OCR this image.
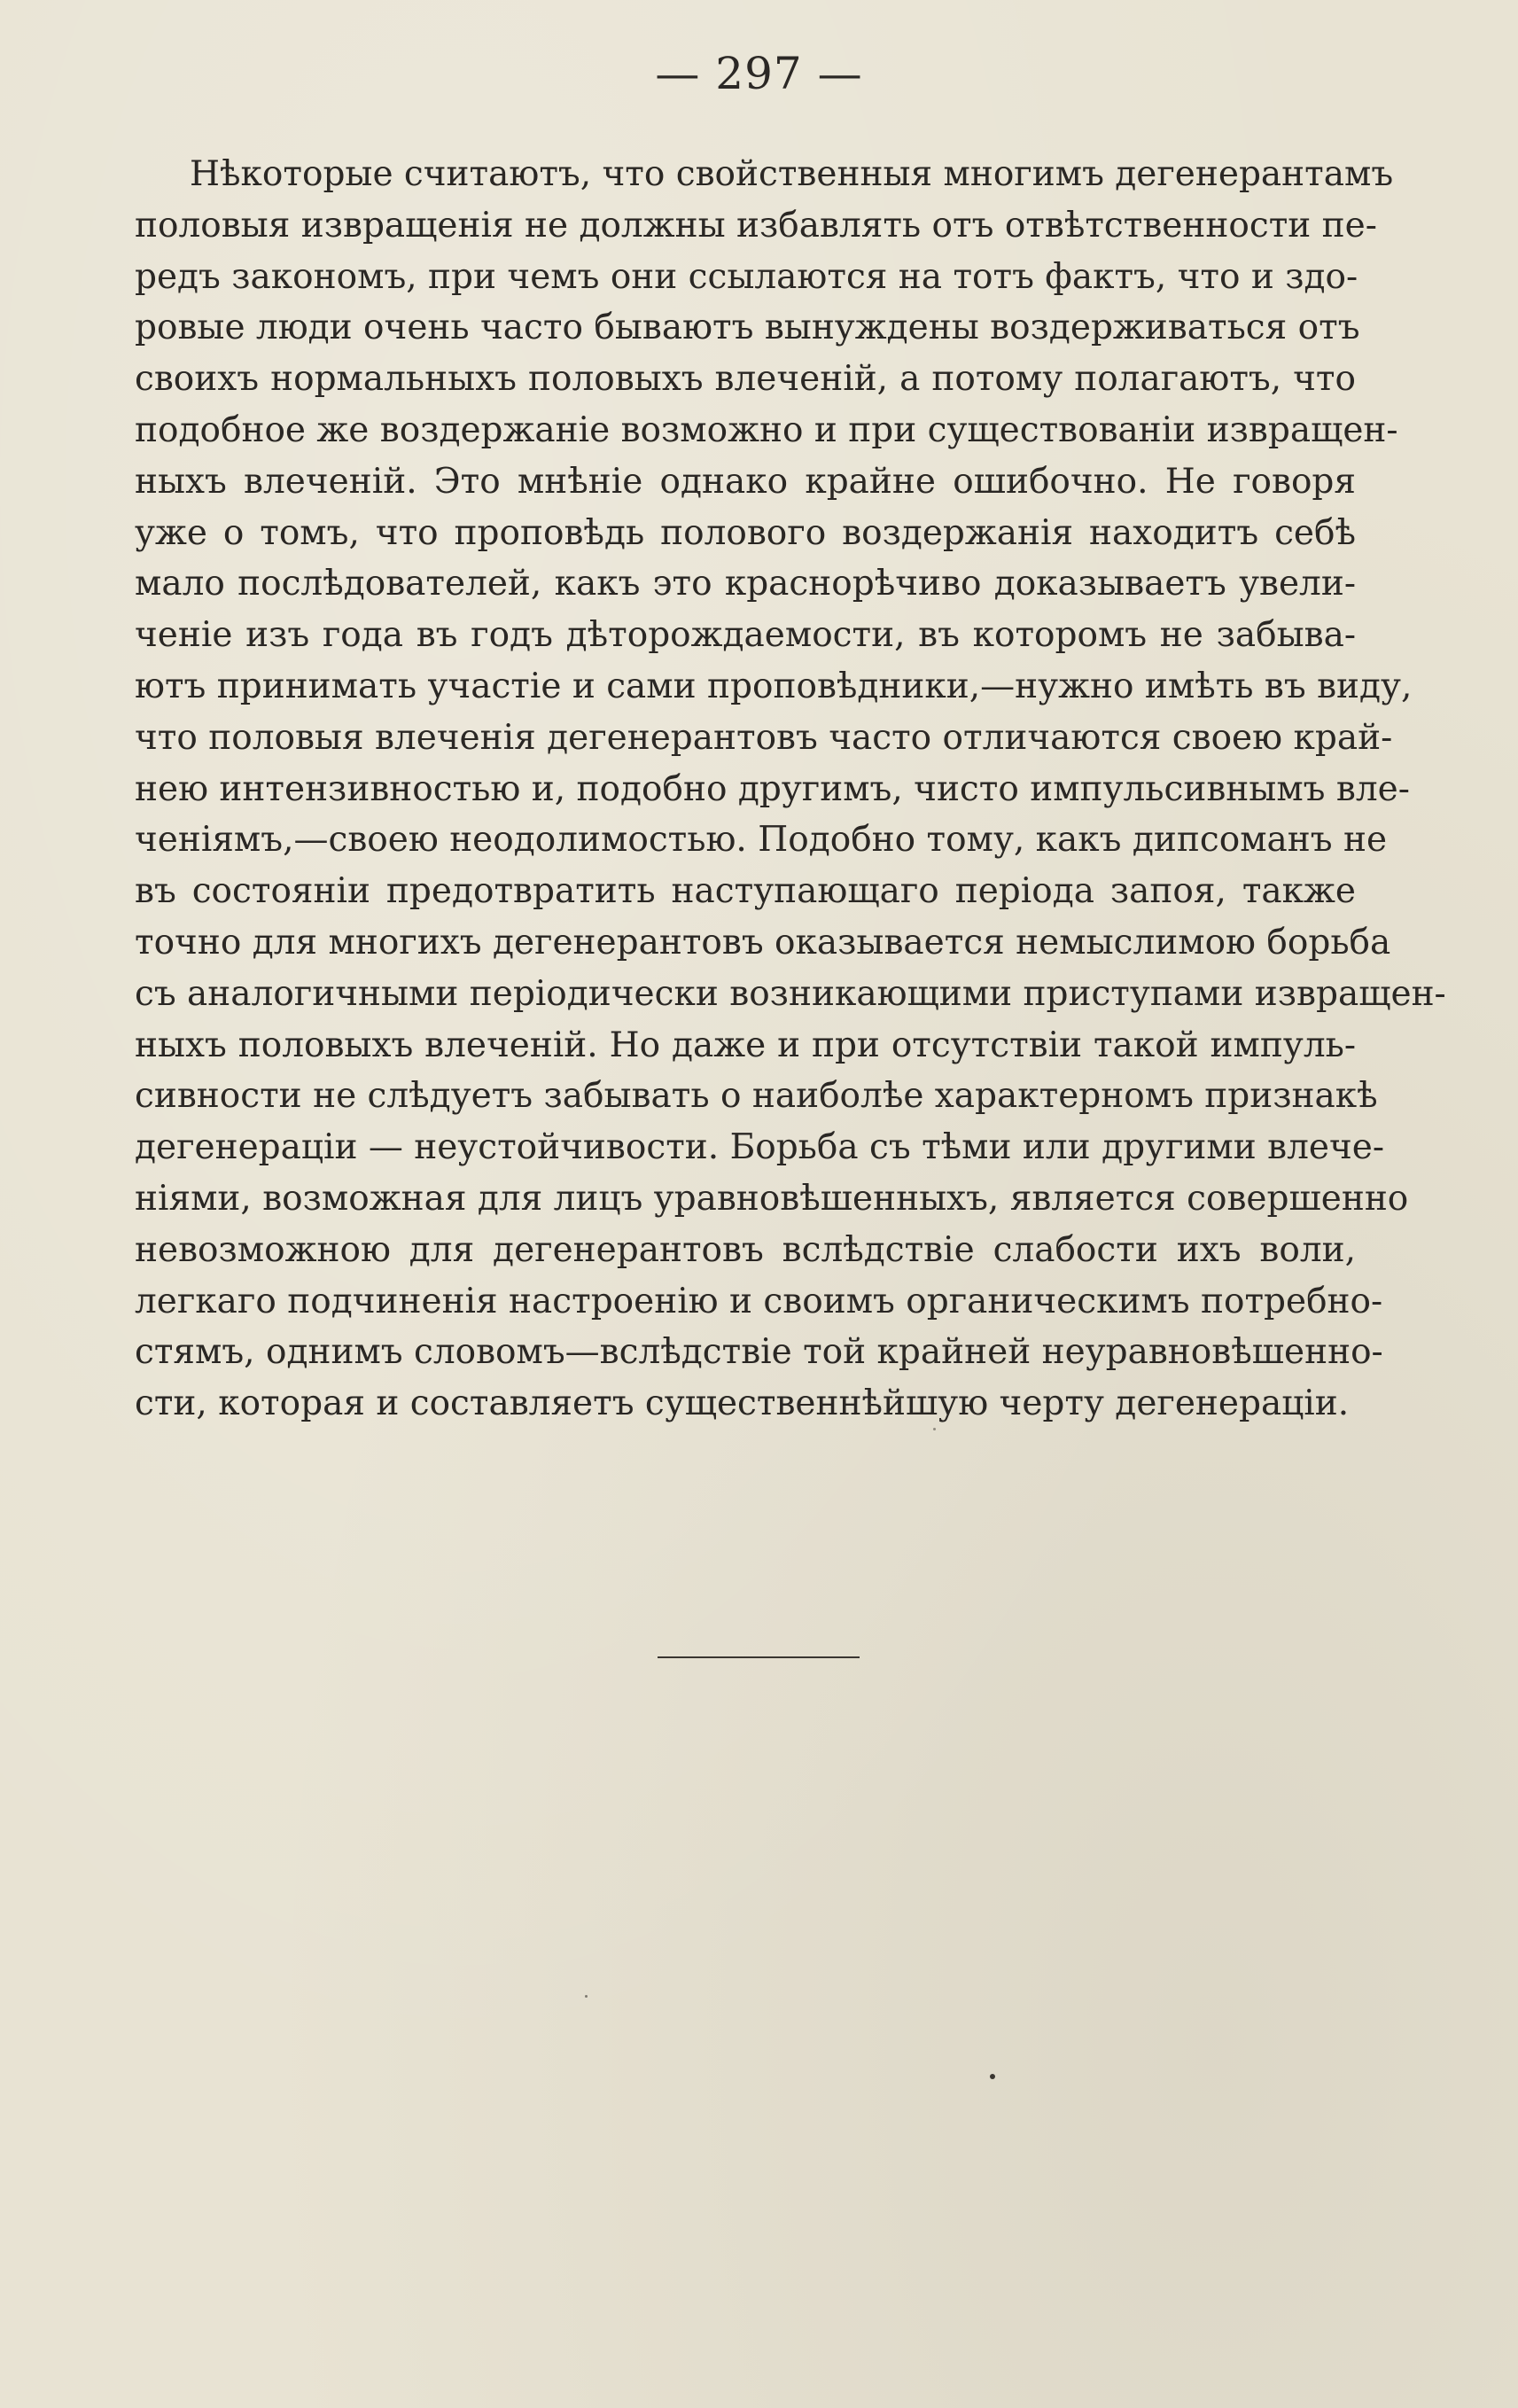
— 297 —
Нѣкоторые считаютъ, что свойственныя многимъ дегенерантамъ
половыя извращенія не должны избавлять отъ отвѣтственности пе-
редъ закономъ, при чемъ они ссылаются на тотъ фактъ, что и здо-
ровые люди очень часто бываютъ вынуждены воздерживаться отъ
своихъ нормальныхъ половыхъ влеченій, а потому полагаютъ, что
подобное же воздержаніе возможно и при существованіи извращен-
ныхъ влеченій. Это мнѣніе однако крайне ошибочно. Не говоря
уже о томъ, что проповѣдь полового воздержанія находитъ себѣ
мало послѣдователей, какъ это краснорѣчиво доказываетъ увели-
ченіе изъ года въ годъ дѣторождаемости, въ которомъ не забыва-
ютъ принимать участіе и сами проповѣдники,—нужно имѣть въ виду,
что половыя влеченія дегенерантовъ часто отличаются своею край-
нею интензивностью и, подобно другимъ, чисто импульсивнымъ вле-
ченіямъ,—своею неодолимостью. Подобно тому, какъ дипсоманъ не
въ состояніи предотвратить наступающаго періода запоя, также
точно для многихъ дегенерантовъ оказывается немыслимою борьба
съ аналогичными періодически возникающими приступами извращен-
ныхъ половыхъ влеченій. Но даже и при отсутствіи такой импуль-
сивности не слѣдуетъ забывать о наиболѣе характерномъ признакѣ
дегенераціи — неустойчивости. Борьба съ тѣми или другими влече-
ніями, возможная для лицъ уравновѣшенныхъ, является совершенно
невозможною для дегенерантовъ вслѣдствіе слабости ихъ воли,
легкаго подчиненія настроенію и своимъ органическимъ потребно-
стямъ, однимъ словомъ—вслѣдствіе той крайней неуравновѣшенно-
сти, которая и составляетъ существеннѣйшую черту дегенераціи.
